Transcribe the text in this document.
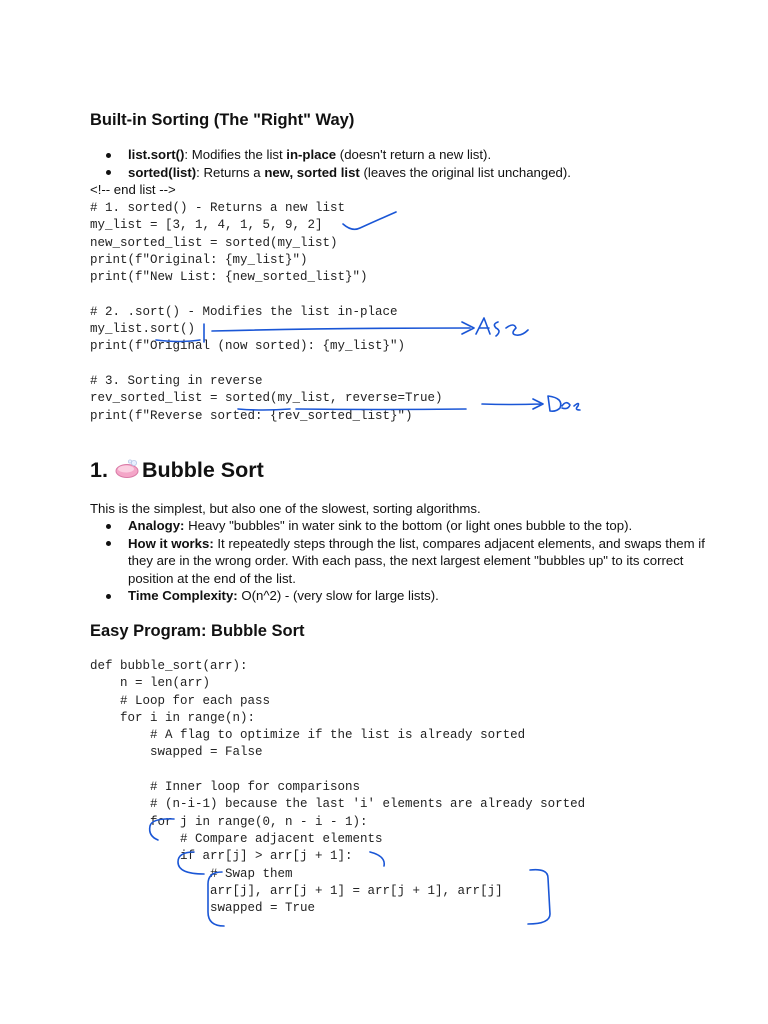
Built-in Sorting (The "Right" Way)
list.sort(): Modifies the list in-place (doesn't return a new list).
sorted(list): Returns a new, sorted list (leaves the original list unchanged).
<!-- end list -->
# 1. sorted() - Returns a new list
my_list = [3, 1, 4, 1, 5, 9, 2]
new_sorted_list = sorted(my_list)
print(f"Original: {my_list}")
print(f"New List: {new_sorted_list}")

# 2. .sort() - Modifies the list in-place
my_list.sort()
print(f"Original (now sorted): {my_list}")

# 3. Sorting in reverse
rev_sorted_list = sorted(my_list, reverse=True)
print(f"Reverse sorted: {rev_sorted_list}")
1. Bubble Sort
This is the simplest, but also one of the slowest, sorting algorithms.
Analogy: Heavy "bubbles" in water sink to the bottom (or light ones bubble to the top).
How it works: It repeatedly steps through the list, compares adjacent elements, and swaps them if they are in the wrong order. With each pass, the next largest element "bubbles up" to its correct position at the end of the list.
Time Complexity: O(n^2) - (very slow for large lists).
Easy Program: Bubble Sort
def bubble_sort(arr):
n = len(arr)
# Loop for each pass
for i in range(n):
# A flag to optimize if the list is already sorted
swapped = False

# Inner loop for comparisons
# (n-i-1) because the last 'i' elements are already sorted
for j in range(0, n - i - 1):
# Compare adjacent elements
if arr[j] > arr[j + 1]:
# Swap them
arr[j], arr[j + 1] = arr[j + 1], arr[j]
swapped = True
